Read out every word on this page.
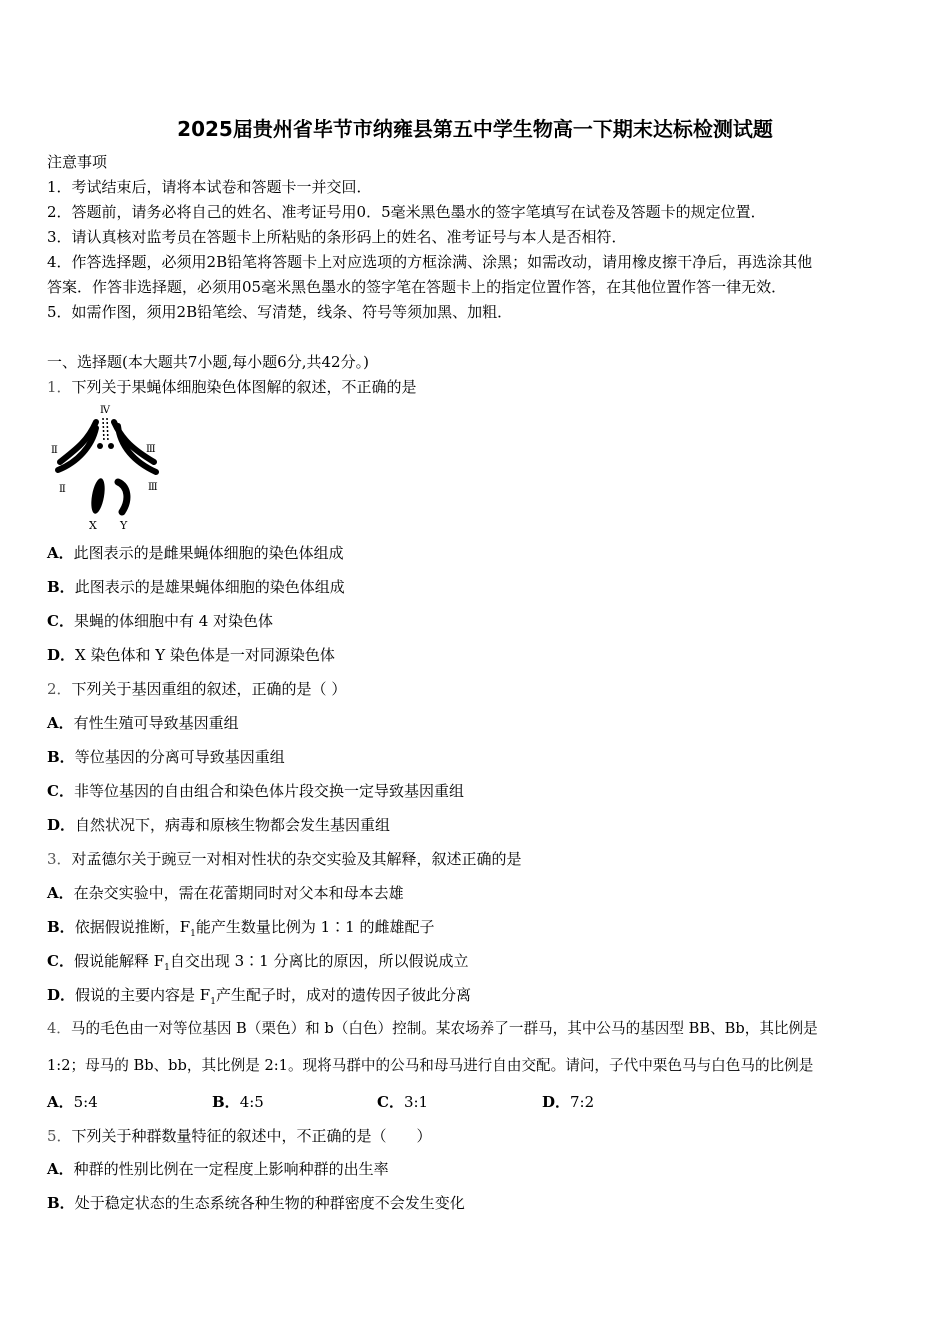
2025届贵州省毕节市纳雍县第五中学生物高一下期末达标检测试题
注意事项
1．考试结束后，请将本试卷和答题卡一并交回．
2．答题前，请务必将自己的姓名、准考证号用0．5毫米黑色墨水的签字笔填写在试卷及答题卡的规定位置．
3．请认真核对监考员在答题卡上所粘贴的条形码上的姓名、准考证号与本人是否相符．
4．作答选择题，必须用2B铅笔将答题卡上对应选项的方框涂满、涂黑；如需改动，请用橡皮擦干净后，再选涂其他
答案．作答非选择题，必须用05毫米黑色墨水的签字笔在答题卡上的指定位置作答，在其他位置作答一律无效．
5．如需作图，须用2B铅笔绘、写清楚，线条、符号等须加黑、加粗．
一、选择题(本大题共7小题,每小题6分,共42分。)
1．下列关于果蝇体细胞染色体图解的叙述，不正确的是
Ⅳ
Ⅱ	Ⅲ
Ⅱ	Ⅲ
X Y
A．此图表示的是雌果蝇体细胞的染色体组成
B．此图表示的是雄果蝇体细胞的染色体组成
C．果蝇的体细胞中有 4 对染色体
D．X 染色体和 Y 染色体是一对同源染色体
2．下列关于基因重组的叙述，正确的是（ ）
A．有性生殖可导致基因重组
B．等位基因的分离可导致基因重组
C．非等位基因的自由组合和染色体片段交换一定导致基因重组
D．自然状况下，病毒和原核生物都会发生基因重组
3．对孟德尔关于豌豆一对相对性状的杂交实验及其解释，叙述正确的是
A．在杂交实验中，需在花蕾期同时对父本和母本去雄
B．依据假说推断，$F_1$能产生数量比例为 1∶1 的雌雄配子
C．假说能解释 $F_1$自交出现 3∶1 分离比的原因，所以假说成立
D．假说的主要内容是 $F_1$产生配子时，成对的遗传因子彼此分离
4．马的毛色由一对等位基因 B（栗色）和 b（白色）控制。某农场养了一群马，其中公马的基因型 BB、Bb，其比例是
1:2；母马的 Bb、bb，其比例是 2:1。现将马群中的公马和母马进行自由交配。请问，子代中栗色马与白色马的比例是
A．5:4	B．4:5	C．3:1	D．7:2
5．下列关于种群数量特征的叙述中，不正确的是（　　）
A．种群的性别比例在一定程度上影响种群的出生率
B．处于稳定状态的生态系统各种生物的种群密度不会发生变化
